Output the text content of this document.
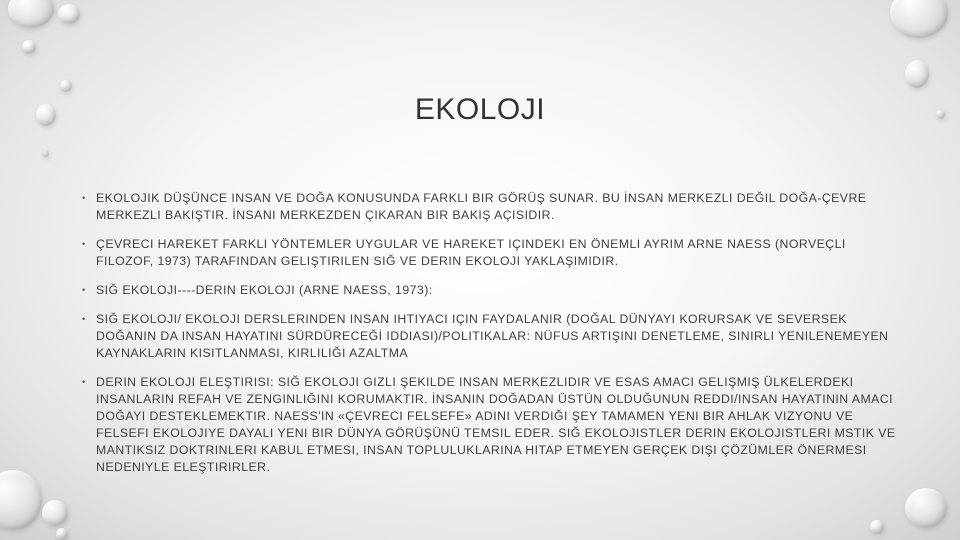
EKOLOJI
• EKOLOJIK DÜŞÜNCE INSAN VE DOĞA KONUSUNDA FARKLI BIR GÖRÜŞ SUNAR. BU İNSAN MERKEZLI DEĞIL DOĞA-ÇEVRE MERKEZLI BAKIŞTIR. İNSANI MERKEZDEN ÇIKARAN BIR BAKIŞ AÇISIDIR.
• ÇEVRECI HAREKET FARKLI YÖNTEMLER UYGULAR VE HAREKET IÇINDEKI EN ÖNEMLI AYRIM ARNE NAESS (NORVEÇLI FILOZOF, 1973) TARAFINDAN GELIŞTIRILEN SIĞ VE DERIN EKOLOJI YAKLAŞIMIDIR.
• SIĞ EKOLOJI----DERIN EKOLOJI (ARNE NAESS, 1973):
• SIĞ EKOLOJI/ EKOLOJI DERSLERINDEN INSAN IHTIYACI IÇIN FAYDALANIR (DOĞAL DÜNYAYI KORURSAK VE SEVERSEK DOĞANIN DA INSAN HAYATINI SÜRDÜRECEĞİ IDDIASI)/POLITIKALAR: NÜFUS ARTIŞINI DENETLEME, SINIRLI YENILENEMEYEN KAYNAKLARIN KISITLANMASI, KIRLILIĞI AZALTMA
• DERIN EKOLOJI ELEŞTIRISI: SIĞ EKOLOJI GIZLI ŞEKILDE INSAN MERKEZLIDIR VE ESAS AMACI GELIŞMIŞ ÜLKELERDEKI INSANLARIN REFAH VE ZENGINLIĞINI KORUMAKTIR. İNSANIN DOĞADAN ÜSTÜN OLDUĞUNUN REDDI/INSAN HAYATININ AMACI DOĞAYI DESTEKLEMEKTIR. NAESS'IN «ÇEVRECI FELSEFE» ADINI VERDIĞI ŞEY TAMAMEN YENI BIR AHLAK VIZYONU VE FELSEFI EKOLOJIYE DAYALI YENI BIR DÜNYA GÖRÜŞÜNÜ TEMSIL EDER. SIĞ EKOLOJISTLER DERIN EKOLOJISTLERI MSTIK VE MANTIKSIZ DOKTRINLERI KABUL ETMESI, INSAN TOPLULUKLARINA HITAP ETMEYEN GERÇEK DIŞI ÇÖZÜMLER ÖNERMESI NEDENIYLE ELEŞTIRIRLER.
